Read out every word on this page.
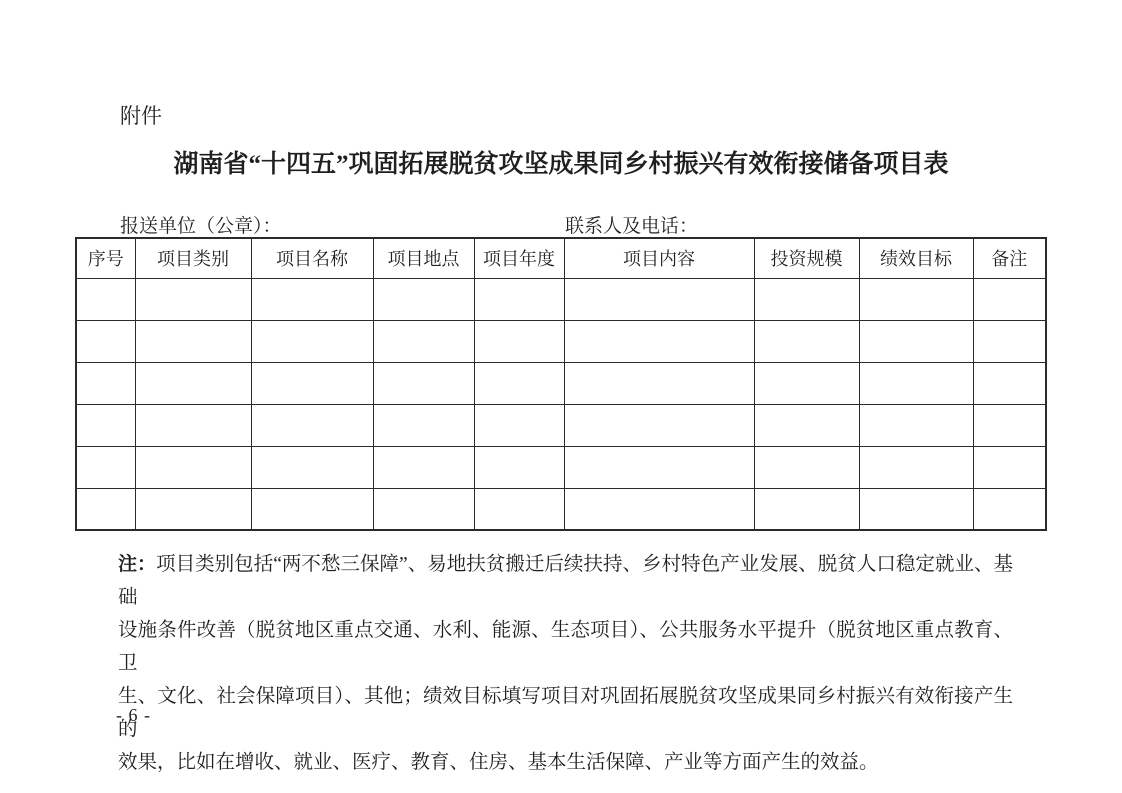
附件
湖南省“十四五”巩固拓展脱贫攻坚成果同乡村振兴有效衔接储备项目表
报送单位（公章）：	联系人及电话：
序号	项目类别	项目名称	项目地点	项目年度	项目内容	投资规模	绩效目标	备注

注：项目类别包括“两不愁三保障”、易地扶贫搬迁后续扶持、乡村特色产业发展、脱贫人口稳定就业、基础
设施条件改善（脱贫地区重点交通、水利、能源、生态项目）、公共服务水平提升（脱贫地区重点教育、卫
生、文化、社会保障项目）、其他；绩效目标填写项目对巩固拓展脱贫攻坚成果同乡村振兴有效衔接产生的
效果，比如在增收、就业、医疗、教育、住房、基本生活保障、产业等方面产生的效益。
- 6 -
